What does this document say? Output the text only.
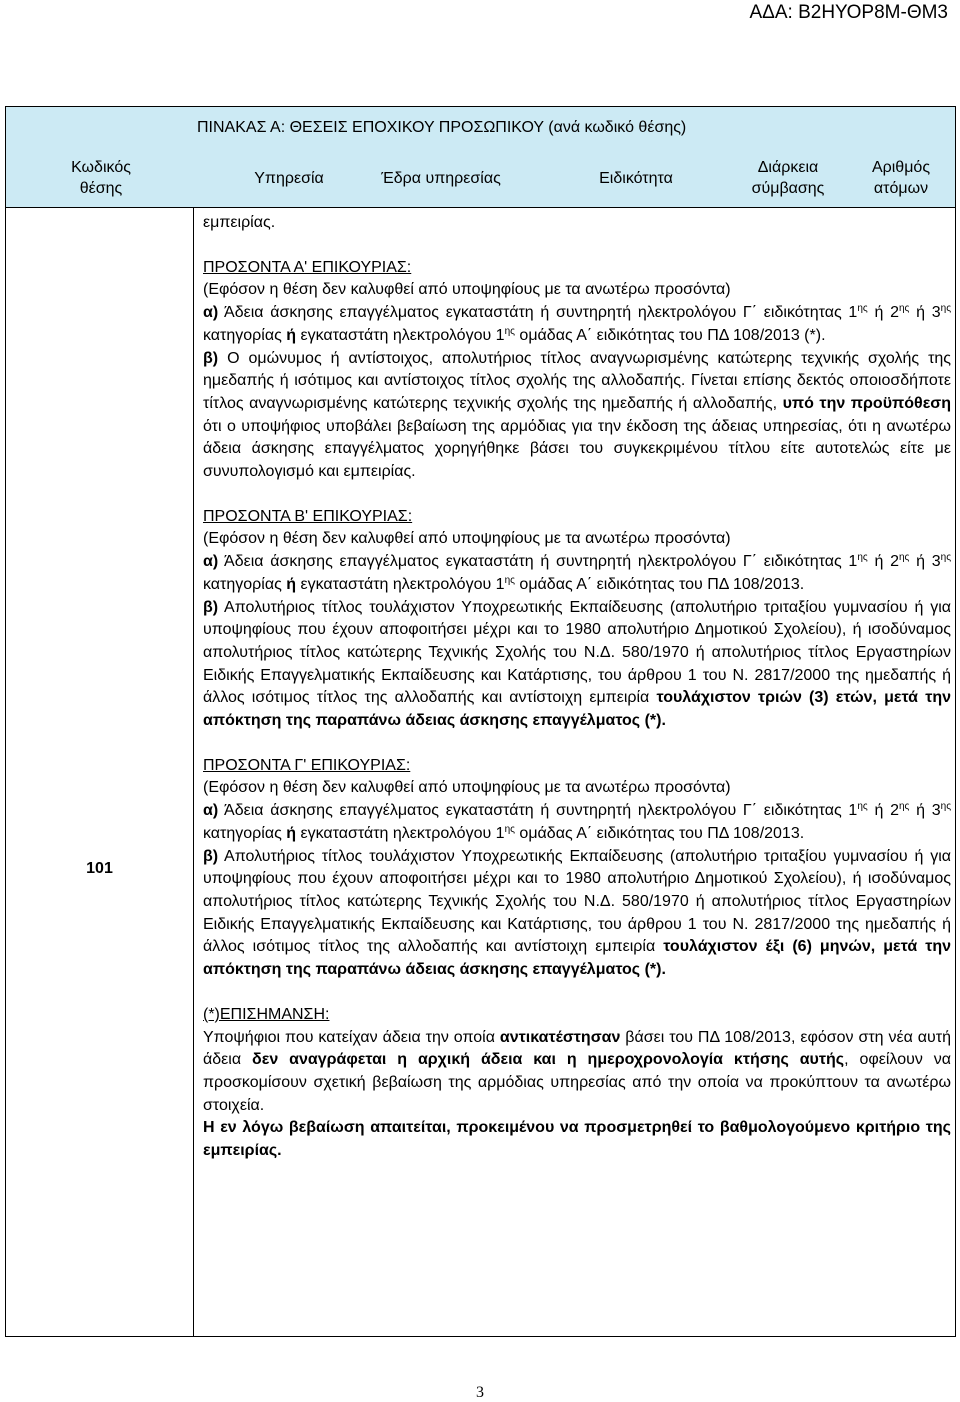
ΑΔΑ: Β2ΗΥΟΡ8Μ-ΘΜ3
ΠΙΝΑΚΑΣ Α: ΘΕΣΕΙΣ ΕΠΟΧΙΚΟΥ ΠΡΟΣΩΠΙΚΟΥ (ανά κωδικό θέσης)
Κωδικός
θέσης
Υπηρεσία	Έδρα υπηρεσίας	Ειδικότητα
Διάρκεια
σύμβασης
Αριθμός
ατόμων
101

εμπειρίας.

ΠΡΟΣΟΝΤΑ Α' ΕΠΙΚΟΥΡΙΑΣ:

(Εφόσον η θέση δεν καλυφθεί από υποψηφίους με τα ανωτέρω προσόντα)

α) Άδεια άσκησης επαγγέλματος εγκαταστάτη ή συντηρητή ηλεκτρολόγου Γ΄ ειδικότητας $1^{\eta\varsigma}$ ή $2^{\eta\varsigma}$ ή $3^{\eta\varsigma}$ κατηγορίας ή εγκαταστάτη ηλεκτρολόγου $1^{\eta\varsigma}$ ομάδας Α΄ ειδικότητας του ΠΔ 108/2013 (*).

β) Ο ομώνυμος ή αντίστοιχος, απολυτήριος τίτλος αναγνωρισμένης κατώτερης τεχνικής σχολής της ημεδαπής ή ισότιμος και αντίστοιχος τίτλος σχολής της αλλοδαπής. Γίνεται επίσης δεκτός οποιοσδήποτε τίτλος αναγνωρισμένης κατώτερης τεχνικής σχολής της ημεδαπής ή αλλοδαπής, υπό την προϋπόθεση ότι ο υποψήφιος υποβάλει βεβαίωση της αρμόδιας για την έκδοση της άδειας υπηρεσίας, ότι η ανωτέρω άδεια άσκησης επαγγέλματος χορηγήθηκε βάσει του συγκεκριμένου τίτλου είτε αυτοτελώς είτε με συνυπολογισμό και εμπειρίας.

ΠΡΟΣΟΝΤΑ Β' ΕΠΙΚΟΥΡΙΑΣ:

(Εφόσον η θέση δεν καλυφθεί από υποψηφίους με τα ανωτέρω προσόντα)

α) Άδεια άσκησης επαγγέλματος εγκαταστάτη ή συντηρητή ηλεκτρολόγου Γ΄ ειδικότητας $1^{\eta\varsigma}$ ή $2^{\eta\varsigma}$ ή $3^{\eta\varsigma}$ κατηγορίας ή εγκαταστάτη ηλεκτρολόγου $1^{\eta\varsigma}$ ομάδας Α΄ ειδικότητας του ΠΔ 108/2013.

β) Απολυτήριος τίτλος τουλάχιστον Υποχρεωτικής Εκπαίδευσης (απολυτήριο τριταξίου γυμνασίου ή για υποψηφίους που έχουν αποφοιτήσει μέχρι και το 1980 απολυτήριο Δημοτικού Σχολείου), ή ισοδύναμος απολυτήριος τίτλος κατώτερης Τεχνικής Σχολής του Ν.Δ. 580/1970 ή απολυτήριος τίτλος Εργαστηρίων Ειδικής Επαγγελματικής Εκπαίδευσης και Κατάρτισης, του άρθρου 1 του Ν. 2817/2000 της ημεδαπής ή άλλος ισότιμος τίτλος της αλλοδαπής και αντίστοιχη εμπειρία τουλάχιστον τριών (3) ετών, μετά την απόκτηση της παραπάνω άδειας άσκησης επαγγέλματος (*).

ΠΡΟΣΟΝΤΑ Γ' ΕΠΙΚΟΥΡΙΑΣ:

(Εφόσον η θέση δεν καλυφθεί από υποψηφίους με τα ανωτέρω προσόντα)

α) Άδεια άσκησης επαγγέλματος εγκαταστάτη ή συντηρητή ηλεκτρολόγου Γ΄ ειδικότητας $1^{\eta\varsigma}$ ή $2^{\eta\varsigma}$ ή $3^{\eta\varsigma}$ κατηγορίας ή εγκαταστάτη ηλεκτρολόγου $1^{\eta\varsigma}$ ομάδας Α΄ ειδικότητας του ΠΔ 108/2013.

β) Απολυτήριος τίτλος τουλάχιστον Υποχρεωτικής Εκπαίδευσης (απολυτήριο τριταξίου γυμνασίου ή για υποψηφίους που έχουν αποφοιτήσει μέχρι και το 1980 απολυτήριο Δημοτικού Σχολείου), ή ισοδύναμος απολυτήριος τίτλος κατώτερης Τεχνικής Σχολής του Ν.Δ. 580/1970 ή απολυτήριος τίτλος Εργαστηρίων Ειδικής Επαγγελματικής Εκπαίδευσης και Κατάρτισης, του άρθρου 1 του Ν. 2817/2000 της ημεδαπής ή άλλος ισότιμος τίτλος της αλλοδαπής και αντίστοιχη εμπειρία τουλάχιστον έξι (6) μηνών, μετά την απόκτηση της παραπάνω άδειας άσκησης επαγγέλματος (*).

(*)ΕΠΙΣΗΜΑΝΣΗ:

Υποψήφιοι που κατείχαν άδεια την οποία αντικατέστησαν βάσει του ΠΔ 108/2013, εφόσον στη νέα αυτή άδεια δεν αναγράφεται η αρχική άδεια και η ημεροχρονολογία κτήσης αυτής, οφείλουν να προσκομίσουν σχετική βεβαίωση της αρμόδιας υπηρεσίας από την οποία να προκύπτουν τα ανωτέρω στοιχεία.

Η εν λόγω βεβαίωση απαιτείται, προκειμένου να προσμετρηθεί το βαθμολογούμενο κριτήριο της εμπειρίας.

3
